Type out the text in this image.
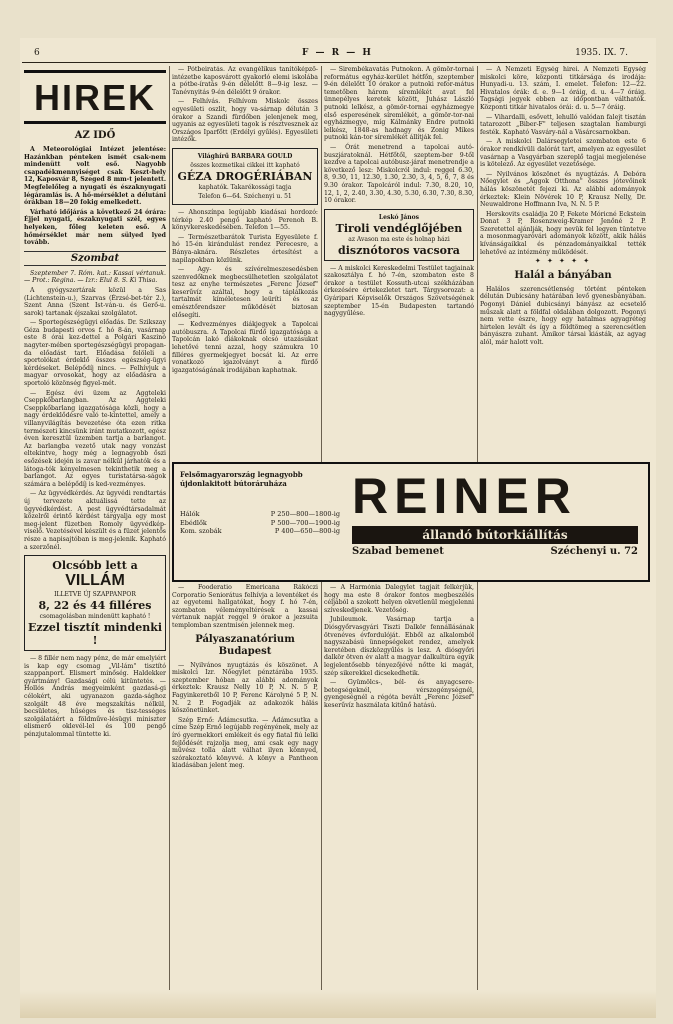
6	F — R — H	1935. IX. 7.
HIREK
AZ IDŐ

A Meteorológiai Intézet jelentése: Hazánkban pénteken ismét csak-nem mindenütt volt eső. Nagyobb csapadékmennyiséget csak Keszt-hely 12, Kaposvár 8, Szeged 8 mm-t jelentett. Megfelelőleg a nyugati és északnyugati légáramlás is. A hő-mérséklet a délutáni órákban 18—20 fokig emelkedett.

Várható időjárás a következő 24 órára: Éjjel nyugati, északnyugati szél, egyes helyeken, főleg keleten eső. A hőmérséklet már nem sülyed lyed tovább.

Szombat

Szeptember 7. Róm. kat.: Kassai vértanuk. — Prot.: Regina. — Izr.: Elul 8. S. Ki Thisa.

A gyógyszertárak közül a Sas (Lichtenstein-u.), Szarvas (Érzsé-bet-tér 2.), Szent Anna (Szent Ist-ván-u. és Gerő-u. sarok) tartanak éjszakai szolgálatot.

— Sportegészségügyi előadás. Dr. Szikszay Géza budapesti orvos f. hó 8-án, vasárnap este 8 órai kez-dettel a Polgári Kaszinó nagyter-mében sportegészségügyi propagan-da előadást tart. Előadása felöleli a sportolókat érdeklő összes egészség-ügyi kérdéseket. Belépődíj nincs. — Felhívjuk a magyar orvosokat, hogy az előadásra a sportoló közönség figyel-mét.

— Egész évi üzem az Aggteleki Cseppkőbarlangban. Az Aggteleki Cseppkőbarlang igazgatósága közli, hogy a nagy érdeklődésre való te-kintettel, amely a villanyvilágítás bevezetése óta ezen ritka természeti kincsünk iránt mutatkozott, egész éven keresztül üzemben tartja a barlangot. Az barlangba vezető utak nagy vonzást eltekintve, hogy még a legnagyobb őszi esőzések idején is zavar nélkül járhatók és a látoga-tók kényelmesen tekinthetik meg a barlangot. Az egyes turistatársa-ságok számára a belépődíj is ked-vezményes.

— Az ügyvédkérdés. Az ügyvédi rendtartás új tervezete aktuálissá tette az ügyvédkérdést. A pest ügyvédtársadalmát közelről érintő kérdést tárgyalja egy most meg-jelent füzetben Romoly ügyvédkép-viselő. Vezetésével készült és a füzet jelentős része a napisajtóban is meg-jelenik. Kapható a szerzőnél.

Olcsóbb lett a
VILLÁM
ILLETVE ÚJ SZAPPANPOR
8, 22 és 44 filléres
csomagolásban mindenütt kapható !
Ezzel tisztít mindenki !

— 8 fillér nem nagy pénz, de már emelyiért is kap egy csomag „Vil-lám" tisztító szappanport. Elismert minőség. Haldekker gyártmány! Gazdasági célú kitüntetés. — Hollós András megyeimként gazdasá-gi célokért, aki ugyanazon gazda-sághoz szolgált 48 éve megszakítás nélkül, becsületes, hűséges és tisz-tességes szolgálatáért a földműve-lésügyi miniszter elismerő oklevél-lel és 100 pengő pénzjutalommal tüntette ki.

— Pótbeiratás. Az evangélikus tanítóképző-intézetbe kaposvárott gyakorló elemi iskolába a pótbe-íratás 9-én délelőtt 8—9-ig lesz. — Tanévnyitás 9-én délelőtt 9 órakor.

— Felhívás. Felhívom Miskolc összes egyesületi oszlit, hogy va-sárnap délután 3 órakor a Szandi fürdőben jelenjenek meg, ugyanis az egyesületi tagok is résztvesznek az Országos Iparfőtt (Erdélyi gyűlés). Egyesületi intézők.

Világhírű BARBARA GOULD
összes kozmetikai cikkei itt kapható
GÉZA DROGÉRIÁBAN
kaphatók. Takarékossági tagja
Telefon 6—64. Széchenyi u. 51

— Ahonszínpa legújabb kiadásai hordozó: térkép 2.40 pengő kapható Perenoh B. könyvkereskedésében. Telefon 1—55.

— Természetbarátok Turista Egyesülete f. hó 15-én kirándulást rendez Perecesre, a Bánya-aknára. Részletes értesítést a napilapokban közlünk.

— Agy- és szívérelmeszesedésben szenvedőknek megbecsülhetetlen szolgálatot tesz az enyhe természetes „Ferenc József" keserűvíz azáltal, hogy a táplálkozás tartalmát kíméletesen leüríti és az emésztőrendszer működését biztosan elősegíti.

— Kedvezményes diákjegyek a Tapolcai autóbuszra. A Tapolcai fürdő igazgatósága a Tapolcán lakó diákoknak olcsó utazásukat lehetővé tenni azzal, hogy számukra 10 filléres gyermekjegyet bocsát ki. Az erre vonatkozó igazolványt a fürdő igazgatóságának irodájában kaphatnak.

— Fooderatio Emericana Rákóczi Corporatio Seniorátus felhívja a leventéket és az egyetemi hallgatókat, hogy f. hó 7-én, szombaton véleményeltérések a kassai vértanuk napját reggel 9 órakor a jezsuita templomban szentmisén jelennek meg.

Pályaszanatórium Budapest

— Nyilvános nyugtázás és köszönet. A miskolci Izr. Nőegylet pénztárába 1935. szeptember hóban az alábbi adományok érkeztek: Krausz Nelly 10 P, N. N. 5 P, Fagyinkeretből 10 P, Ferenc Károlyné 5 P, N. N. 2 P. Fogadják az adakozók hálás köszönetünket.

Szép Ernő: Ádámcsutka. — Ádámcsutka a címe Szép Ernő legújabb regényének, mely az író gyermekkori emlékeit és egy fiatal fiú lelki fejlődését rajzolja meg, ami csak egy nagy művész tolla alatt válhat ilyen könnyed, szórakoztató könyvvé. A könyv a Pantheon kiadásában jelent meg.

— Sirembékavatás Putnokon. A gömör-tornai református egyház-kerület hétfőn, szeptember 9-én délelőtt 10 órakor a putnoki refor-mátus temetőben három síremlékét avat fel ünnepélyes keretek között, Juhász László putnoki lelkész, a gömör-tornai egyházmegye első esperesének síremlékét, a gömör-tor-nai egyházmegye, míg Kálmánky Endre putnoki lelkész, 1848-as hadnagy és Zonig Mikes putnoki kán-tor síremlékét állítják fel.

— Órát menetrend a tapolcai autó-buszjáratoknál. Hétfőtől, szeptem-ber 9-től kezdve a tapolcai autóbusz-járat menetrendje a következő lesz: Miskolcról indul: reggel 6.30, 8, 9.30, 11, 12.30, 1.30, 2.30, 3, 4, 5, 6, 7, 8 és 9.30 órakor. Tapolcáról indul: 7.30, 8.20, 10, 12, 1, 2, 2.40, 3.30, 4.30, 5.30, 6.30, 7.30, 8.30, 10 órakor.

Leskó János
Tiroli vendéglőjében
az Avason ma este és holnap házi
disznótoros vacsora

— A miskolci Kereskedelmi Testület tagjainak szakosztálya f. hó 7-én, szombaton este 8 órakor a testület Kossuth-utcai székházában érkezésére értekezletet tart. Tárgysorozat: a Gyáripari Képviselők Országos Szövetségének szeptember 15-én Budapesten tartandó nagygyűlése.

— A Harmónia Dalegylet tagjait felkérjük, hogy ma este 8 órakor fontos megbeszélés céljából a szokott helyen okvetlenül megjelenni szíveskedjenek. Vezetőség.

Jubileumok. Vasárnap tartja a Diósgyőrvasgyári Tiszti Dalkör fennállásának ötvenéves évfordulóját. Ebből az alkalomból nagyszabású ünnepségeket rendez, amelyek keretében díszközgyűlés is lesz. A diósgyőri dalkör ötven év alatt a magyar dalkultúra egyik legjelentősebb tényezőjévé nőtte ki magát, szép sikerekkel dicsekedhetik.

— Gyümölcs-, bél- és anyagcsere-betegségeknél, vérszegénységnél, gyengeségnél a régóta bevált „Ferenc József" keserűvíz használata kitűnő hatású.

— A Nemzeti Egység hirei. A Nemzeti Egység miskolci köre, központi titkársága és irodája: Hunyadi-u. 13. szám, I. emelet. Telefon: 12—22. Hivatalos órák: d. e. 9—1 óráig, d. u. 4—7 óráig. Tagsági jegyek ebben az időpontban válthatók. Központi titkár hivatalos órái: d. u. 5—7 óráig.

— Vihardalli, esővett, lehulló valódan falejt tisztán tatarozott „Biber-F" teljesen szagtalan hamburgi festék. Kapható Vasváry-nál a Vásárcsarnokban.

— A miskolci Dalársegyletei szombaton este 6 órakor rendkívüli dalórát tart, amelyen az egyesület vasárnap a Vasgyárban szereplő tagjai megjelenése is kötelező. Az egyesület vezetősége.

— Nyilvános köszönet és nyugtázás. A Debóra Nőegylet és „Aggok Otthona" összes jótevőinek hálás köszönetét fejezi ki. Az alábbi adományok érkeztek: Klein Növérek 10 P, Krausz Nelly, Dr. Neuwaldrone Hoffmann Iva, N. N. 5 P.

Herskovits családja 20 P, Fekete Móricné Eckstein Donat 3 P, Rosenzweig-Kramer Jenőné 2 P. Szeretettel ajánlják, hogy nevük fel legyen tüntetve a mosonmagyaróvári adományok között, akik hálás kívánságaikkal és pénzadományaikkal tették lehetővé az intézmény működését.

✦ ✦ ✦ ✦ ✦
Halál a bányában

Halálos szerencsétlenség történt pénteken délután Dubicsány határában levő gyenesbányában. Pogonyi Dániel dubicsányi bányász az ecsetelő műszak alatt a földfal oldalában dolgozott. Pogonyi nem vette észre, hogy egy hatalmas agyagréteg hirtelen levált és így a földtömeg a szerencsétlen bányászra zuhant. Amikor társai kiásták, az agyag alól, már halott volt.

Felsőmagyarország legnagyobb újdonlakitott bútoráruháza
Hálók	P 250—800—1800-ig
Ebédlők	P 500—700—1900-ig
Kom. szobák	P 400—650—800-ig
REINER
állandó bútorkiállítás
Szabad bemenet	Széchenyi u. 72
